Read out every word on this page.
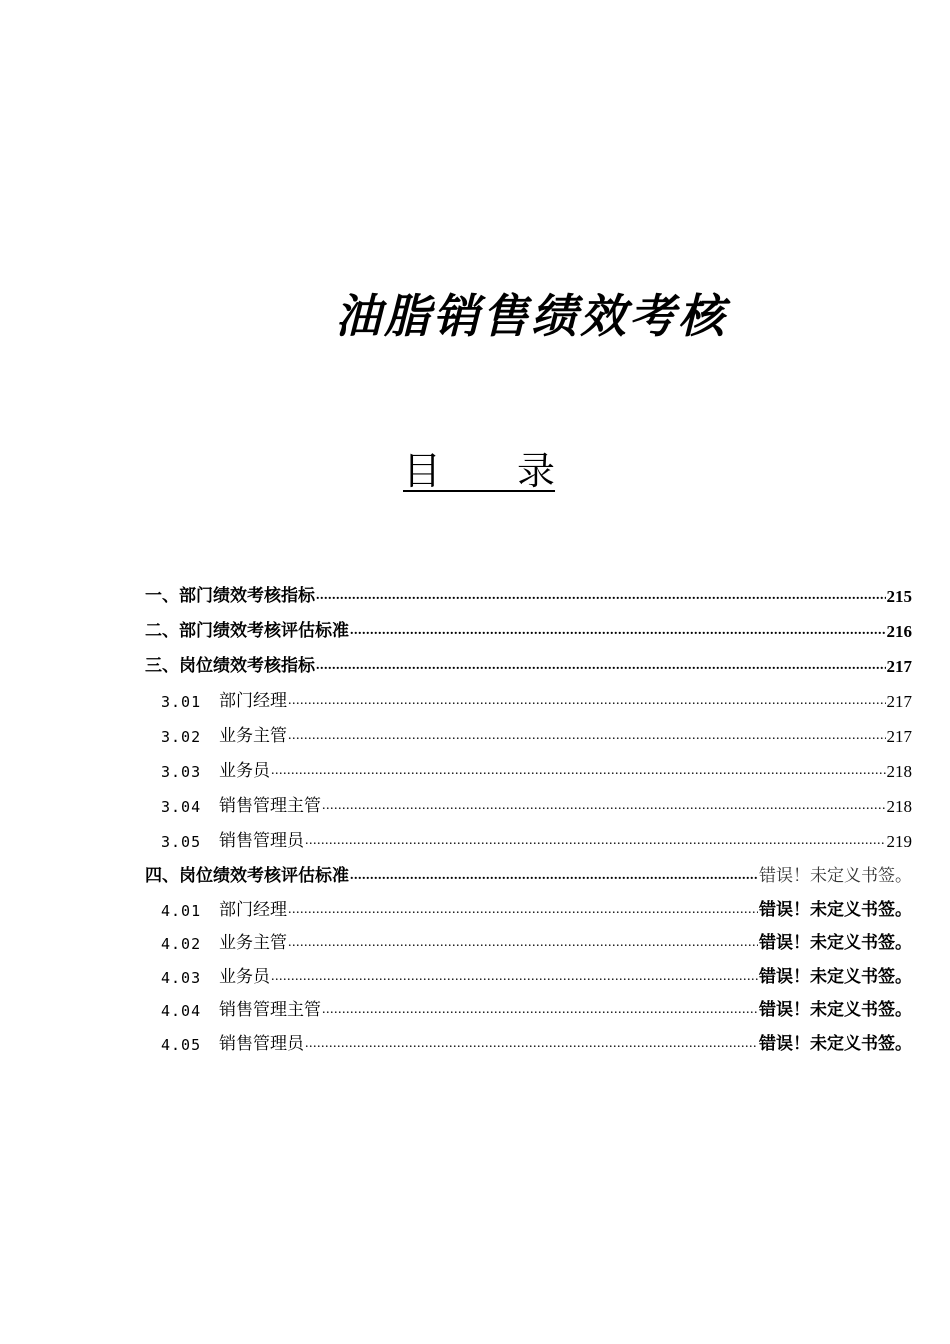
油脂销售绩效考核
目　　录
一、部门绩效考核指标 .....	215
二、部门绩效考核评估标准 .....	216
三、岗位绩效考核指标 .....	217
3.01	部门经理 .....	217
3.02	业务主管 .....	217
3.03	业务员 .....	218
3.04	销售管理主管 .....	218
3.05	销售管理员 .....	219
四、岗位绩效考核评估标准 .....	错误！未定义书签。
4.01	部门经理 .....	错误！未定义书签。
4.02	业务主管 .....	错误！未定义书签。
4.03	业务员 .....	错误！未定义书签。
4.04	销售管理主管 .....	错误！未定义书签。
4.05	销售管理员 .....	错误！未定义书签。
